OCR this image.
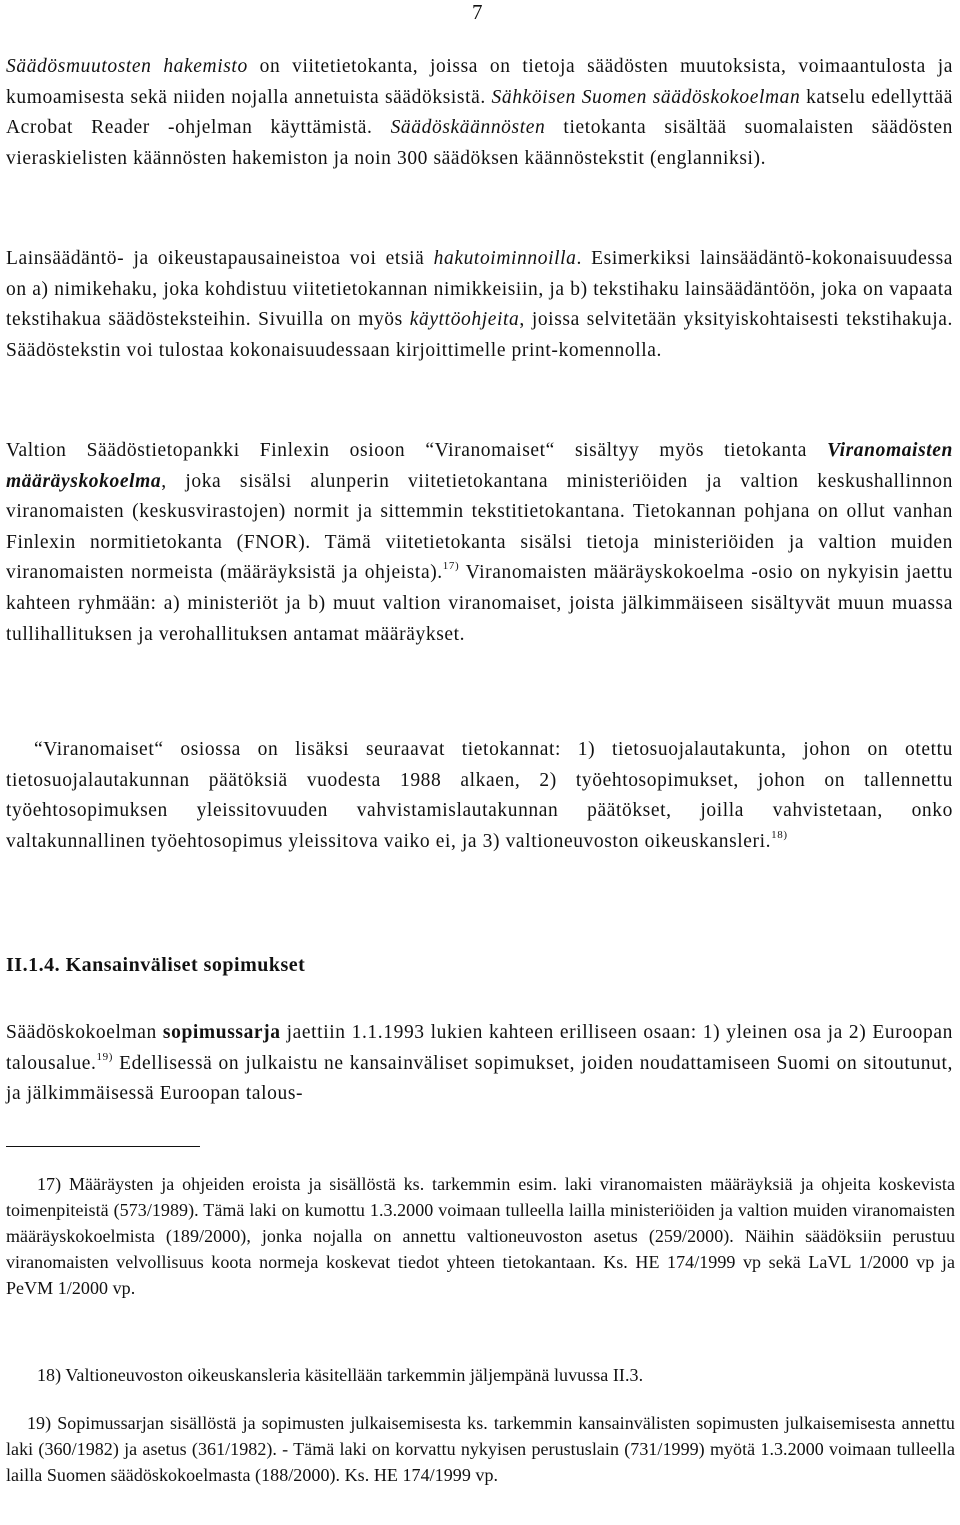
7
Säädösmuutosten hakemisto on viitetietokanta, joissa on tietoja säädösten muutoksista, voimaantulosta ja kumoamisesta sekä niiden nojalla annetuista säädöksistä. Sähköisen Suomen säädöskokoelman katselu edellyttää Acrobat Reader -ohjelman käyttämistä. Säädöskäännösten tietokanta sisältää suomalaisten säädösten vieraskielisten käännösten hakemiston ja noin 300 säädöksen käännöstekstit (englanniksi).
Lainsäädäntö- ja oikeustapausaineistoa voi etsiä hakutoiminnoilla. Esimerkiksi lainsäädäntö-kokonaisuudessa on a) nimikehaku, joka kohdistuu viitetietokannan nimikkeisiin, ja b) tekstihaku lainsäädäntöön, joka on vapaata tekstihakua säädösteksteihin. Sivuilla on myös käyttöohjeita, joissa selvitetään yksityiskohtaisesti tekstihakuja. Säädöstekstin voi tulostaa kokonaisuudessaan kirjoittimelle print-komennolla.
Valtion Säädöstietopankki Finlexin osioon “Viranomaiset“ sisältyy myös tietokanta Viranomaisten määräyskokoelma, joka sisälsi alunperin viitetietokantana ministeriöiden ja valtion keskushallinnon viranomaisten (keskusvirastojen) normit ja sittemmin tekstitietokantana. Tietokannan pohjana on ollut vanhan Finlexin normitietokanta (FNOR). Tämä viitetietokanta sisälsi tietoja ministeriöiden ja valtion muiden viranomaisten normeista (määräyksistä ja ohjeista).$^{17)}$ Viranomaisten määräyskokoelma -osio on nykyisin jaettu kahteen ryhmään: a) ministeriöt ja b) muut valtion viranomaiset, joista jälkimmäiseen sisältyvät muun muassa tullihallituksen ja verohallituksen antamat määräykset.
“Viranomaiset“ osiossa on lisäksi seuraavat tietokannat: 1) tietosuojalautakunta, johon on otettu tietosuojalautakunnan päätöksiä vuodesta 1988 alkaen, 2) työehtosopimukset, johon on tallennettu työehtosopimuksen yleissitovuuden vahvistamislautakunnan päätökset, joilla vahvistetaan, onko valtakunnallinen työehtosopimus yleissitova vaiko ei, ja 3) valtioneuvoston oikeuskansleri.$^{18)}$
II.1.4. Kansainväliset sopimukset
Säädöskokoelman sopimussarja jaettiin 1.1.1993 lukien kahteen erilliseen osaan: 1) yleinen osa ja 2) Euroopan talousalue.$^{19)}$ Edellisessä on julkaistu ne kansainväliset sopimukset, joiden noudattamiseen Suomi on sitoutunut, ja jälkimmäisessä Euroopan talous-
17) Määräysten ja ohjeiden eroista ja sisällöstä ks. tarkemmin esim. laki viranomaisten määräyksiä ja ohjeita koskevista toimenpiteistä (573/1989). Tämä laki on kumottu 1.3.2000 voimaan tulleella lailla ministeriöiden ja valtion muiden viranomaisten määräyskokoelmista (189/2000), jonka nojalla on annettu valtioneuvoston asetus (259/2000). Näihin säädöksiin perustuu viranomaisten velvollisuus koota normeja koskevat tiedot yhteen tietokantaan. Ks. HE 174/1999 vp sekä LaVL 1/2000 vp ja PeVM 1/2000 vp.
18) Valtioneuvoston oikeuskansleria käsitellään tarkemmin jäljempänä luvussa II.3.
19) Sopimussarjan sisällöstä ja sopimusten julkaisemisesta ks. tarkemmin kansainvälisten sopimusten julkaisemisesta annettu laki (360/1982) ja asetus (361/1982). - Tämä laki on korvattu nykyisen perustuslain (731/1999) myötä 1.3.2000 voimaan tulleella lailla Suomen säädöskokoelmasta (188/2000). Ks. HE 174/1999 vp.
